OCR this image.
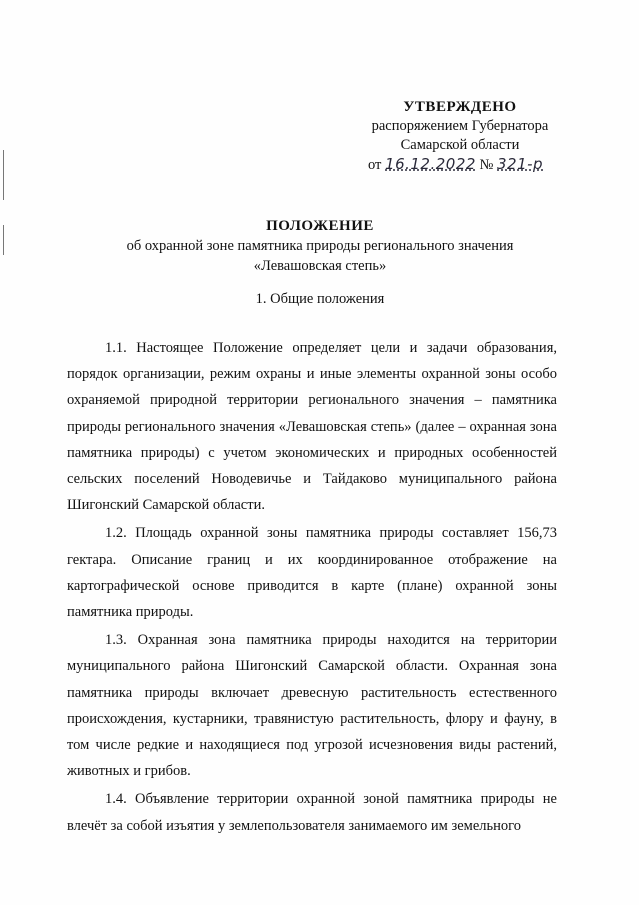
УТВЕРЖДЕНО
распоряжением Губернатора
Самарской области
от 16.12.2022 № 321-р
ПОЛОЖЕНИЕ
об охранной зоне памятника природы регионального значения
«Левашовская степь»
1. Общие положения

1.1. Настоящее Положение определяет цели и задачи образования, порядок организации, режим охраны и иные элементы охранной зоны особо охраняемой природной территории регионального значения – памятника природы регионального значения «Левашовская степь» (далее – охранная зона памятника природы) с учетом экономических и природных особенностей сельских поселений Новодевичье и Тайдаково муниципального района Шигонский Самарской области.

1.2. Площадь охранной зоны памятника природы составляет 156,73 гектара. Описание границ и их координированное отображение на картографической основе приводится в карте (плане) охранной зоны памятника природы.

1.3. Охранная зона памятника природы находится на территории муниципального района Шигонский Самарской области. Охранная зона памятника природы включает древесную растительность естественного происхождения, кустарники, травянистую растительность, флору и фауну, в том числе редкие и находящиеся под угрозой исчезновения виды растений, животных и грибов.

1.4. Объявление территории охранной зоной памятника природы не влечёт за собой изъятия у землепользователя занимаемого им земельного
